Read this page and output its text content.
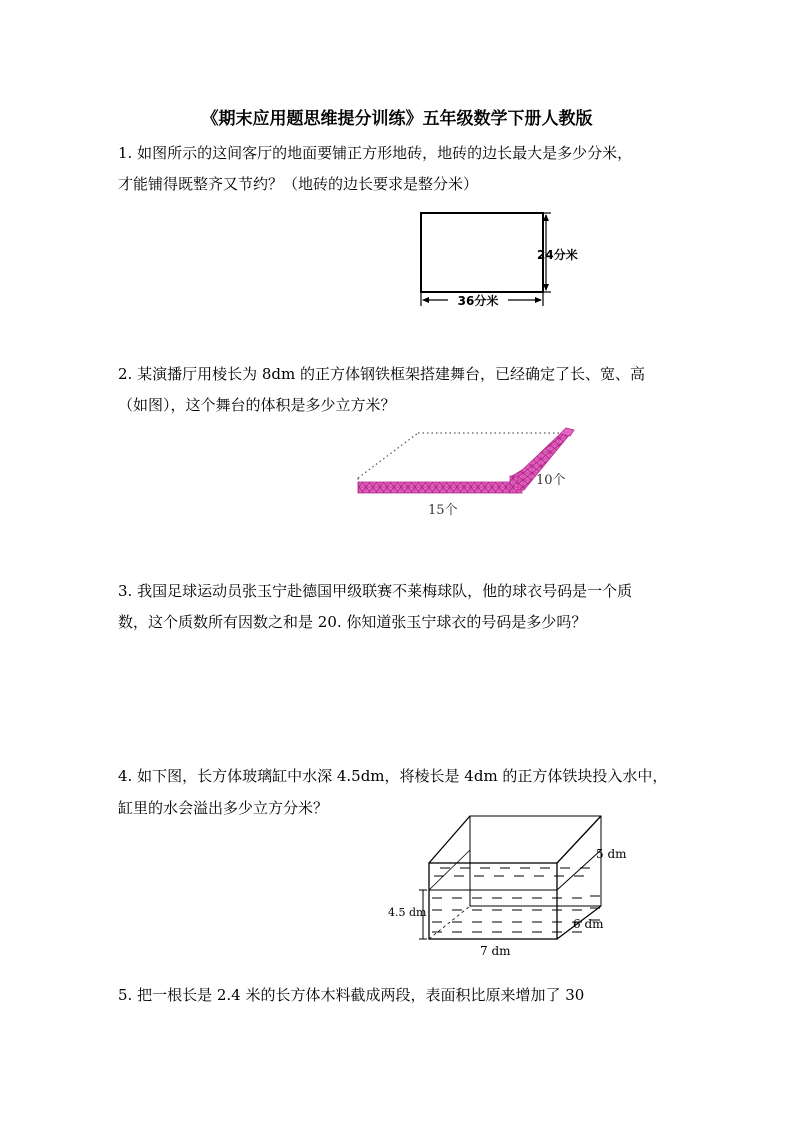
《期末应用题思维提分训练》五年级数学下册人教版
1. 如图所示的这间客厅的地面要铺正方形地砖，地砖的边长最大是多少分米，
才能铺得既整齐又节约？（地砖的边长要求是整分米）
24分米
36分米
2. 某演播厅用棱长为 8dm 的正方体钢铁框架搭建舞台，已经确定了长、宽、高
（如图），这个舞台的体积是多少立方米？
10个
15个
3. 我国足球运动员张玉宁赴德国甲级联赛不莱梅球队，他的球衣号码是一个质
数，这个质数所有因数之和是 20. 你知道张玉宁球衣的号码是多少吗？
4. 如下图，长方体玻璃缸中水深 4.5dm，将棱长是 4dm 的正方体铁块投入水中，
缸里的水会溢出多少立方分米？
4.5 dm
5 dm
6 dm
7 dm
5. 把一根长是 2.4 米的长方体木料截成两段，表面积比原来增加了 30
